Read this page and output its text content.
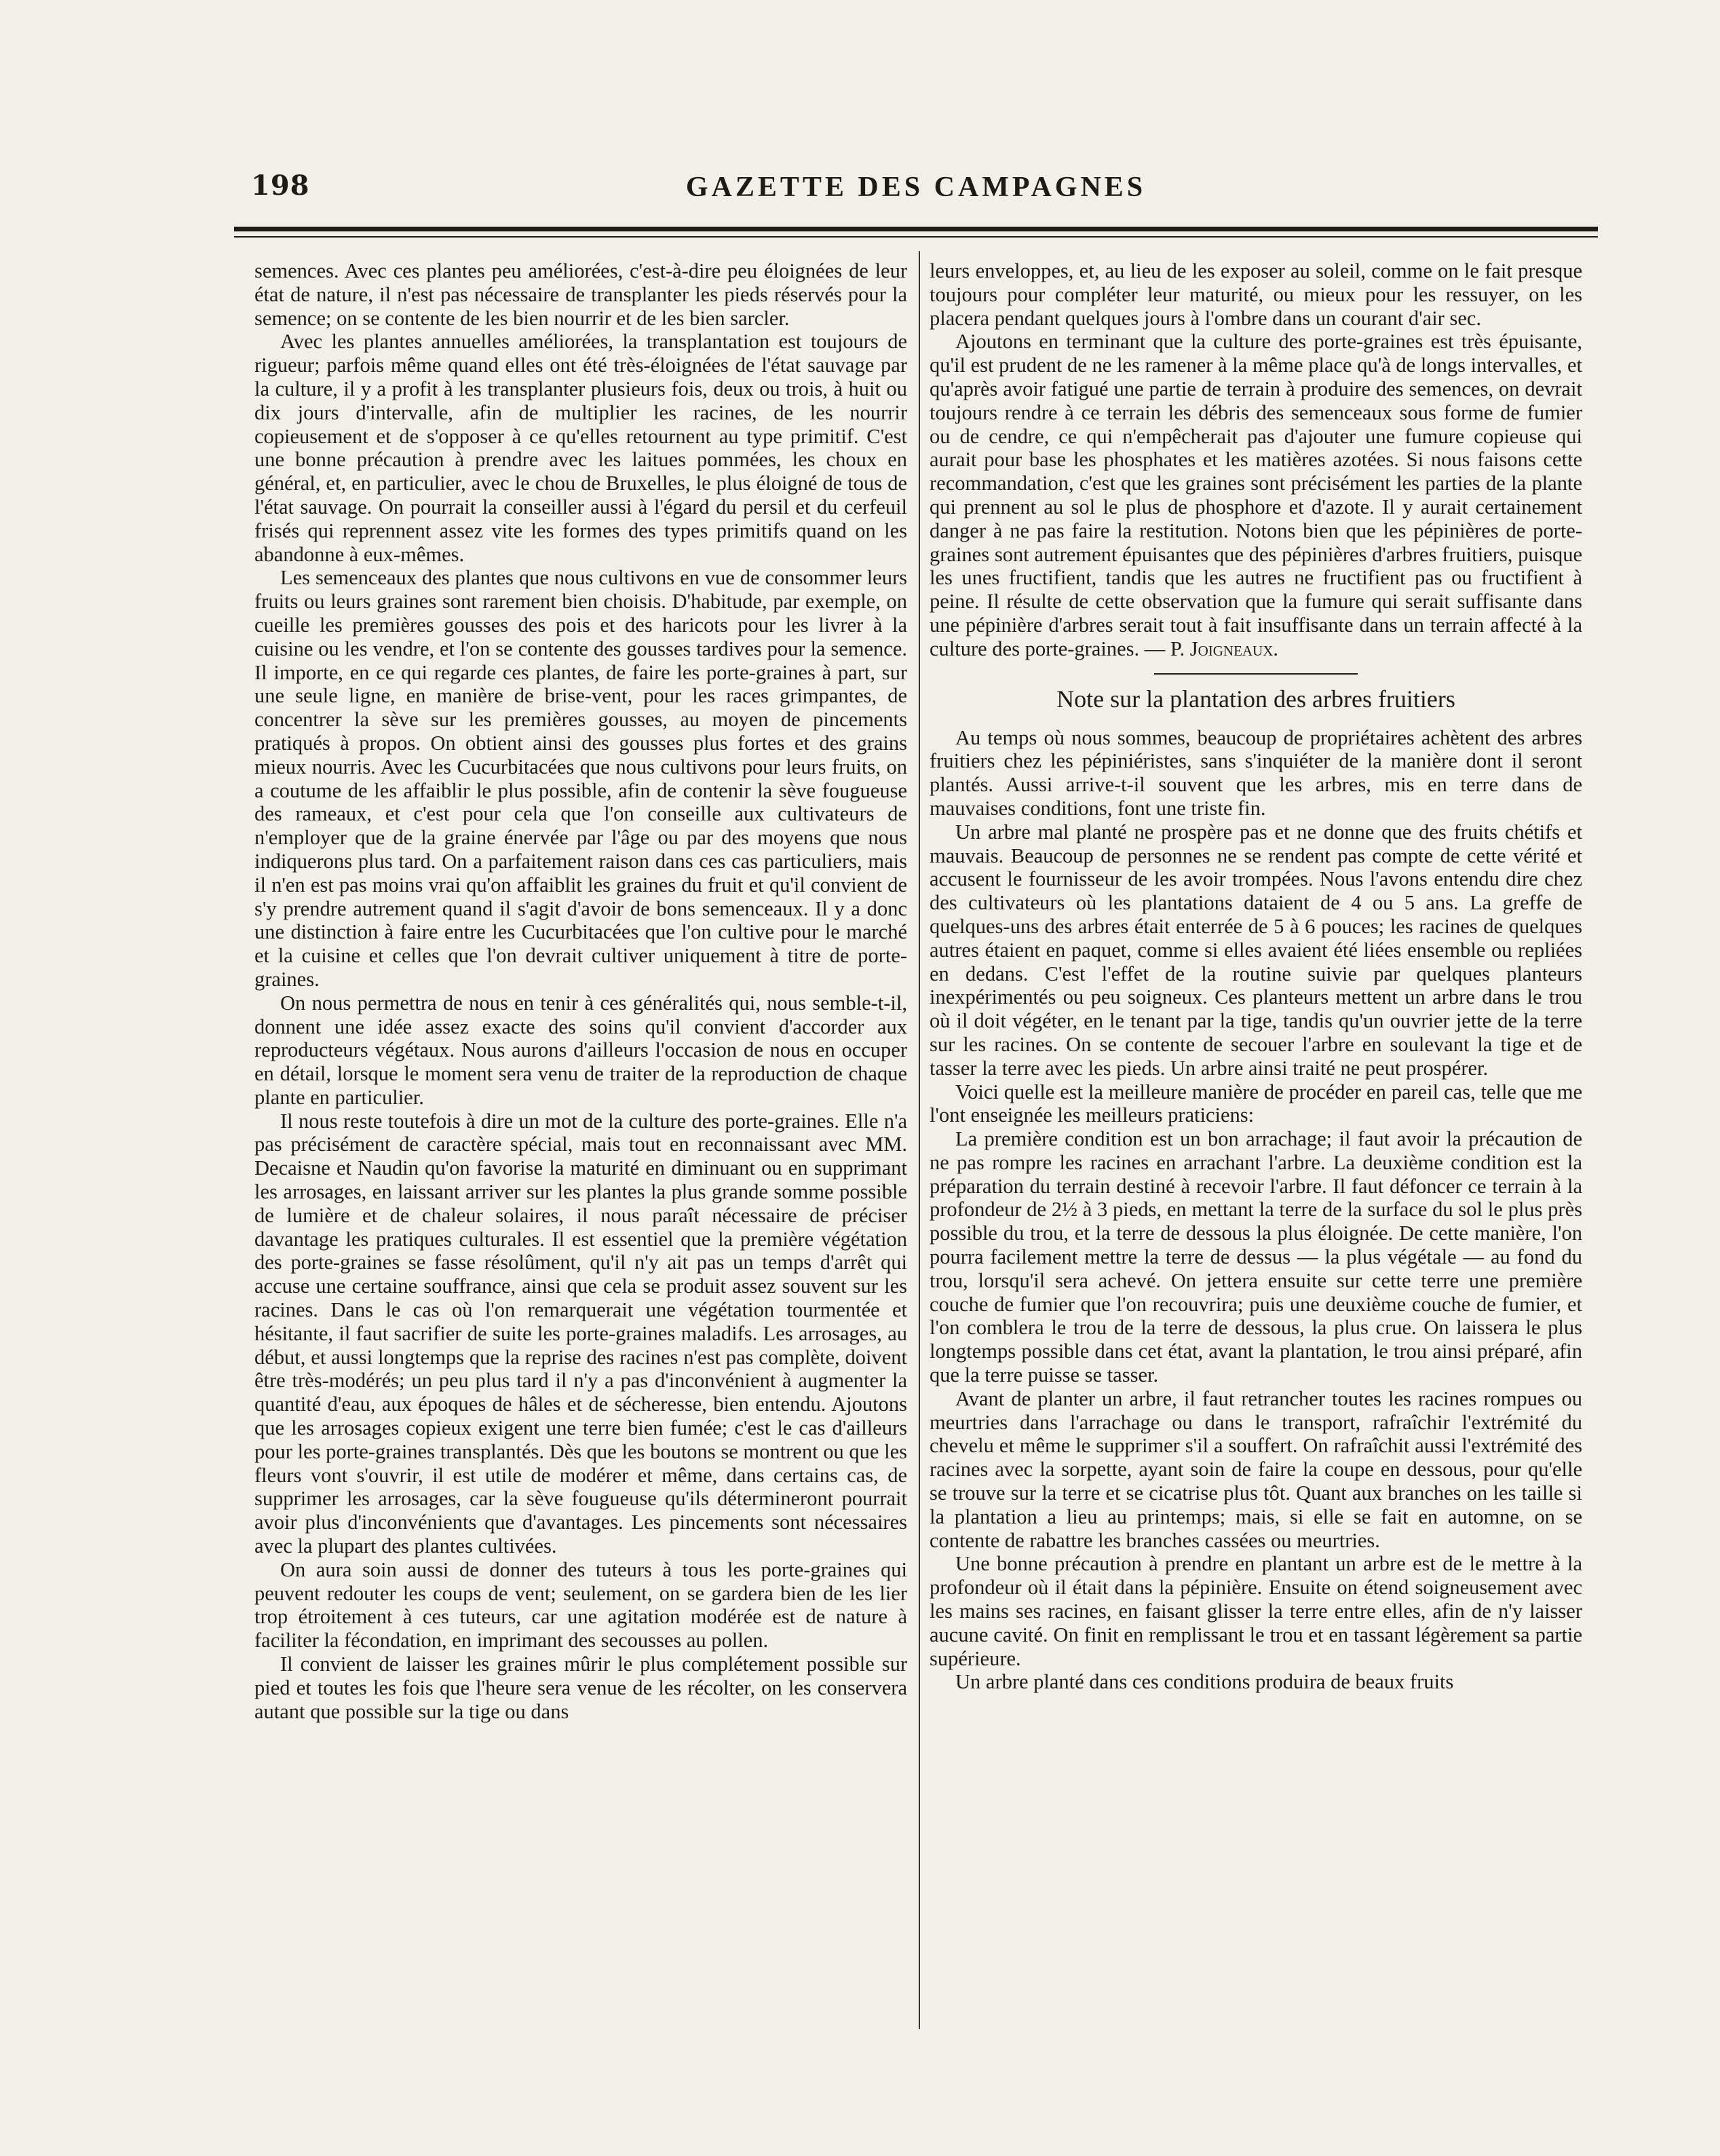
198	GAZETTE DES CAMPAGNES

semences. Avec ces plantes peu améliorées, c'est-à-dire peu éloignées de leur état de nature, il n'est pas nécessaire de transplanter les pieds réservés pour la semence; on se contente de les bien nourrir et de les bien sarcler.

Avec les plantes annuelles améliorées, la transplantation est toujours de rigueur; parfois même quand elles ont été très-éloignées de l'état sauvage par la culture, il y a profit à les transplanter plusieurs fois, deux ou trois, à huit ou dix jours d'intervalle, afin de multiplier les racines, de les nourrir copieusement et de s'opposer à ce qu'elles retournent au type primitif. C'est une bonne précaution à prendre avec les laitues pommées, les choux en général, et, en particulier, avec le chou de Bruxelles, le plus éloigné de tous de l'état sauvage. On pourrait la conseiller aussi à l'égard du persil et du cerfeuil frisés qui reprennent assez vite les formes des types primitifs quand on les abandonne à eux-mêmes.

Les semenceaux des plantes que nous cultivons en vue de consommer leurs fruits ou leurs graines sont rarement bien choisis. D'habitude, par exemple, on cueille les premières gousses des pois et des haricots pour les livrer à la cuisine ou les vendre, et l'on se contente des gousses tardives pour la semence. Il importe, en ce qui regarde ces plantes, de faire les porte-graines à part, sur une seule ligne, en manière de brise-vent, pour les races grimpantes, de concentrer la sève sur les premières gousses, au moyen de pincements pratiqués à propos. On obtient ainsi des gousses plus fortes et des grains mieux nourris. Avec les Cucurbitacées que nous cultivons pour leurs fruits, on a coutume de les affaiblir le plus possible, afin de contenir la sève fougueuse des rameaux, et c'est pour cela que l'on conseille aux cultivateurs de n'employer que de la graine énervée par l'âge ou par des moyens que nous indiquerons plus tard. On a parfaitement raison dans ces cas particuliers, mais il n'en est pas moins vrai qu'on affaiblit les graines du fruit et qu'il convient de s'y prendre autrement quand il s'agit d'avoir de bons semenceaux. Il y a donc une distinction à faire entre les Cucurbitacées que l'on cultive pour le marché et la cuisine et celles que l'on devrait cultiver uniquement à titre de porte-graines.

On nous permettra de nous en tenir à ces généralités qui, nous semble-t-il, donnent une idée assez exacte des soins qu'il convient d'accorder aux reproducteurs végétaux. Nous aurons d'ailleurs l'occasion de nous en occuper en détail, lorsque le moment sera venu de traiter de la reproduction de chaque plante en particulier.

Il nous reste toutefois à dire un mot de la culture des porte-graines. Elle n'a pas précisément de caractère spécial, mais tout en reconnaissant avec MM. Decaisne et Naudin qu'on favorise la maturité en diminuant ou en supprimant les arrosages, en laissant arriver sur les plantes la plus grande somme possible de lumière et de chaleur solaires, il nous paraît nécessaire de préciser davantage les pratiques culturales. Il est essentiel que la première végétation des porte-graines se fasse résolûment, qu'il n'y ait pas un temps d'arrêt qui accuse une certaine souffrance, ainsi que cela se produit assez souvent sur les racines. Dans le cas où l'on remarquerait une végétation tourmentée et hésitante, il faut sacrifier de suite les porte-graines maladifs. Les arrosages, au début, et aussi longtemps que la reprise des racines n'est pas complète, doivent être très-modérés; un peu plus tard il n'y a pas d'inconvénient à augmenter la quantité d'eau, aux époques de hâles et de sécheresse, bien entendu. Ajoutons que les arrosages copieux exigent une terre bien fumée; c'est le cas d'ailleurs pour les porte-graines transplantés. Dès que les boutons se montrent ou que les fleurs vont s'ouvrir, il est utile de modérer et même, dans certains cas, de supprimer les arrosages, car la sève fougueuse qu'ils détermineront pourrait avoir plus d'inconvénients que d'avantages. Les pincements sont nécessaires avec la plupart des plantes cultivées.

On aura soin aussi de donner des tuteurs à tous les porte-graines qui peuvent redouter les coups de vent; seulement, on se gardera bien de les lier trop étroitement à ces tuteurs, car une agitation modérée est de nature à faciliter la fécondation, en imprimant des secousses au pollen.

Il convient de laisser les graines mûrir le plus complétement possible sur pied et toutes les fois que l'heure sera venue de les récolter, on les conservera autant que possible sur la tige ou dans

leurs enveloppes, et, au lieu de les exposer au soleil, comme on le fait presque toujours pour compléter leur maturité, ou mieux pour les ressuyer, on les placera pendant quelques jours à l'ombre dans un courant d'air sec.

Ajoutons en terminant que la culture des porte-graines est très épuisante, qu'il est prudent de ne les ramener à la même place qu'à de longs intervalles, et qu'après avoir fatigué une partie de terrain à produire des semences, on devrait toujours rendre à ce terrain les débris des semenceaux sous forme de fumier ou de cendre, ce qui n'empêcherait pas d'ajouter une fumure copieuse qui aurait pour base les phosphates et les matières azotées. Si nous faisons cette recommandation, c'est que les graines sont précisément les parties de la plante qui prennent au sol le plus de phosphore et d'azote. Il y aurait certainement danger à ne pas faire la restitution. Notons bien que les pépinières de porte-graines sont autrement épuisantes que des pépinières d'arbres fruitiers, puisque les unes fructifient, tandis que les autres ne fructifient pas ou fructifient à peine. Il résulte de cette observation que la fumure qui serait suffisante dans une pépinière d'arbres serait tout à fait insuffisante dans un terrain affecté à la culture des porte-graines. — P. Joigneaux.

Note sur la plantation des arbres fruitiers

Au temps où nous sommes, beaucoup de propriétaires achètent des arbres fruitiers chez les pépiniéristes, sans s'inquiéter de la manière dont il seront plantés. Aussi arrive-t-il souvent que les arbres, mis en terre dans de mauvaises conditions, font une triste fin.

Un arbre mal planté ne prospère pas et ne donne que des fruits chétifs et mauvais. Beaucoup de personnes ne se rendent pas compte de cette vérité et accusent le fournisseur de les avoir trompées. Nous l'avons entendu dire chez des cultivateurs où les plantations dataient de 4 ou 5 ans. La greffe de quelques-uns des arbres était enterrée de 5 à 6 pouces; les racines de quelques autres étaient en paquet, comme si elles avaient été liées ensemble ou repliées en dedans. C'est l'effet de la routine suivie par quelques planteurs inexpérimentés ou peu soigneux. Ces planteurs mettent un arbre dans le trou où il doit végéter, en le tenant par la tige, tandis qu'un ouvrier jette de la terre sur les racines. On se contente de secouer l'arbre en soulevant la tige et de tasser la terre avec les pieds. Un arbre ainsi traité ne peut prospérer.

Voici quelle est la meilleure manière de procéder en pareil cas, telle que me l'ont enseignée les meilleurs praticiens:

La première condition est un bon arrachage; il faut avoir la précaution de ne pas rompre les racines en arrachant l'arbre. La deuxième condition est la préparation du terrain destiné à recevoir l'arbre. Il faut défoncer ce terrain à la profondeur de 2½ à 3 pieds, en mettant la terre de la surface du sol le plus près possible du trou, et la terre de dessous la plus éloignée. De cette manière, l'on pourra facilement mettre la terre de dessus — la plus végétale — au fond du trou, lorsqu'il sera achevé. On jettera ensuite sur cette terre une première couche de fumier que l'on recouvrira; puis une deuxième couche de fumier, et l'on comblera le trou de la terre de dessous, la plus crue. On laissera le plus longtemps possible dans cet état, avant la plantation, le trou ainsi préparé, afin que la terre puisse se tasser.

Avant de planter un arbre, il faut retrancher toutes les racines rompues ou meurtries dans l'arrachage ou dans le transport, rafraîchir l'extrémité du chevelu et même le supprimer s'il a souffert. On rafraîchit aussi l'extrémité des racines avec la sorpette, ayant soin de faire la coupe en dessous, pour qu'elle se trouve sur la terre et se cicatrise plus tôt. Quant aux branches on les taille si la plantation a lieu au printemps; mais, si elle se fait en automne, on se contente de rabattre les branches cassées ou meurtries.

Une bonne précaution à prendre en plantant un arbre est de le mettre à la profondeur où il était dans la pépinière. Ensuite on étend soigneusement avec les mains ses racines, en faisant glisser la terre entre elles, afin de n'y laisser aucune cavité. On finit en remplissant le trou et en tassant légèrement sa partie supérieure.

Un arbre planté dans ces conditions produira de beaux fruits
